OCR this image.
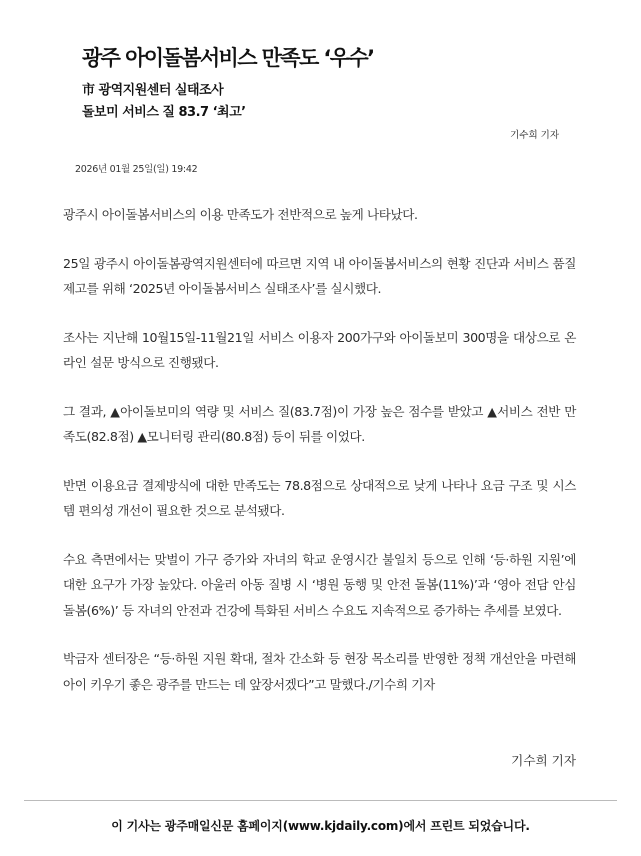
광주 아이돌봄서비스 만족도 ‘우수’
市 광역지원센터 실태조사
돌보미 서비스 질 83.7 ‘최고’
기수희 기자
2026년 01월 25일(일) 19:42

광주시 아이돌봄서비스의 이용 만족도가 전반적으로 높게 나타났다.

25일 광주시 아이돌봄광역지원센터에 따르면 지역 내 아이돌봄서비스의 현황 진단과 서비스 품질 제고를 위해 ‘2025년 아이돌봄서비스 실태조사’를 실시했다.

조사는 지난해 10월15일-11월21일 서비스 이용자 200가구와 아이돌보미 300명을 대상으로 온라인 설문 방식으로 진행됐다.

그 결과, ▲아이돌보미의 역량 및 서비스 질(83.7점)이 가장 높은 점수를 받았고 ▲서비스 전반 만족도(82.8점) ▲모니터링 관리(80.8점) 등이 뒤를 이었다.

반면 이용요금 결제방식에 대한 만족도는 78.8점으로 상대적으로 낮게 나타나 요금 구조 및 시스템 편의성 개선이 필요한 것으로 분석됐다.

수요 측면에서는 맞벌이 가구 증가와 자녀의 학교 운영시간 불일치 등으로 인해 ‘등·하원 지원’에 대한 요구가 가장 높았다. 아울러 아동 질병 시 ‘병원 동행 및 안전 돌봄(11%)’과 ‘영아 전담 안심 돌봄(6%)’ 등 자녀의 안전과 건강에 특화된 서비스 수요도 지속적으로 증가하는 추세를 보였다.

박금자 센터장은 “등·하원 지원 확대, 절차 간소화 등 현장 목소리를 반영한 정책 개선안을 마련해 아이 키우기 좋은 광주를 만드는 데 앞장서겠다”고 말했다./기수희 기자

기수희 기자
이 기사는 광주매일신문 홈페이지(www.kjdaily.com)에서 프린트 되었습니다.
